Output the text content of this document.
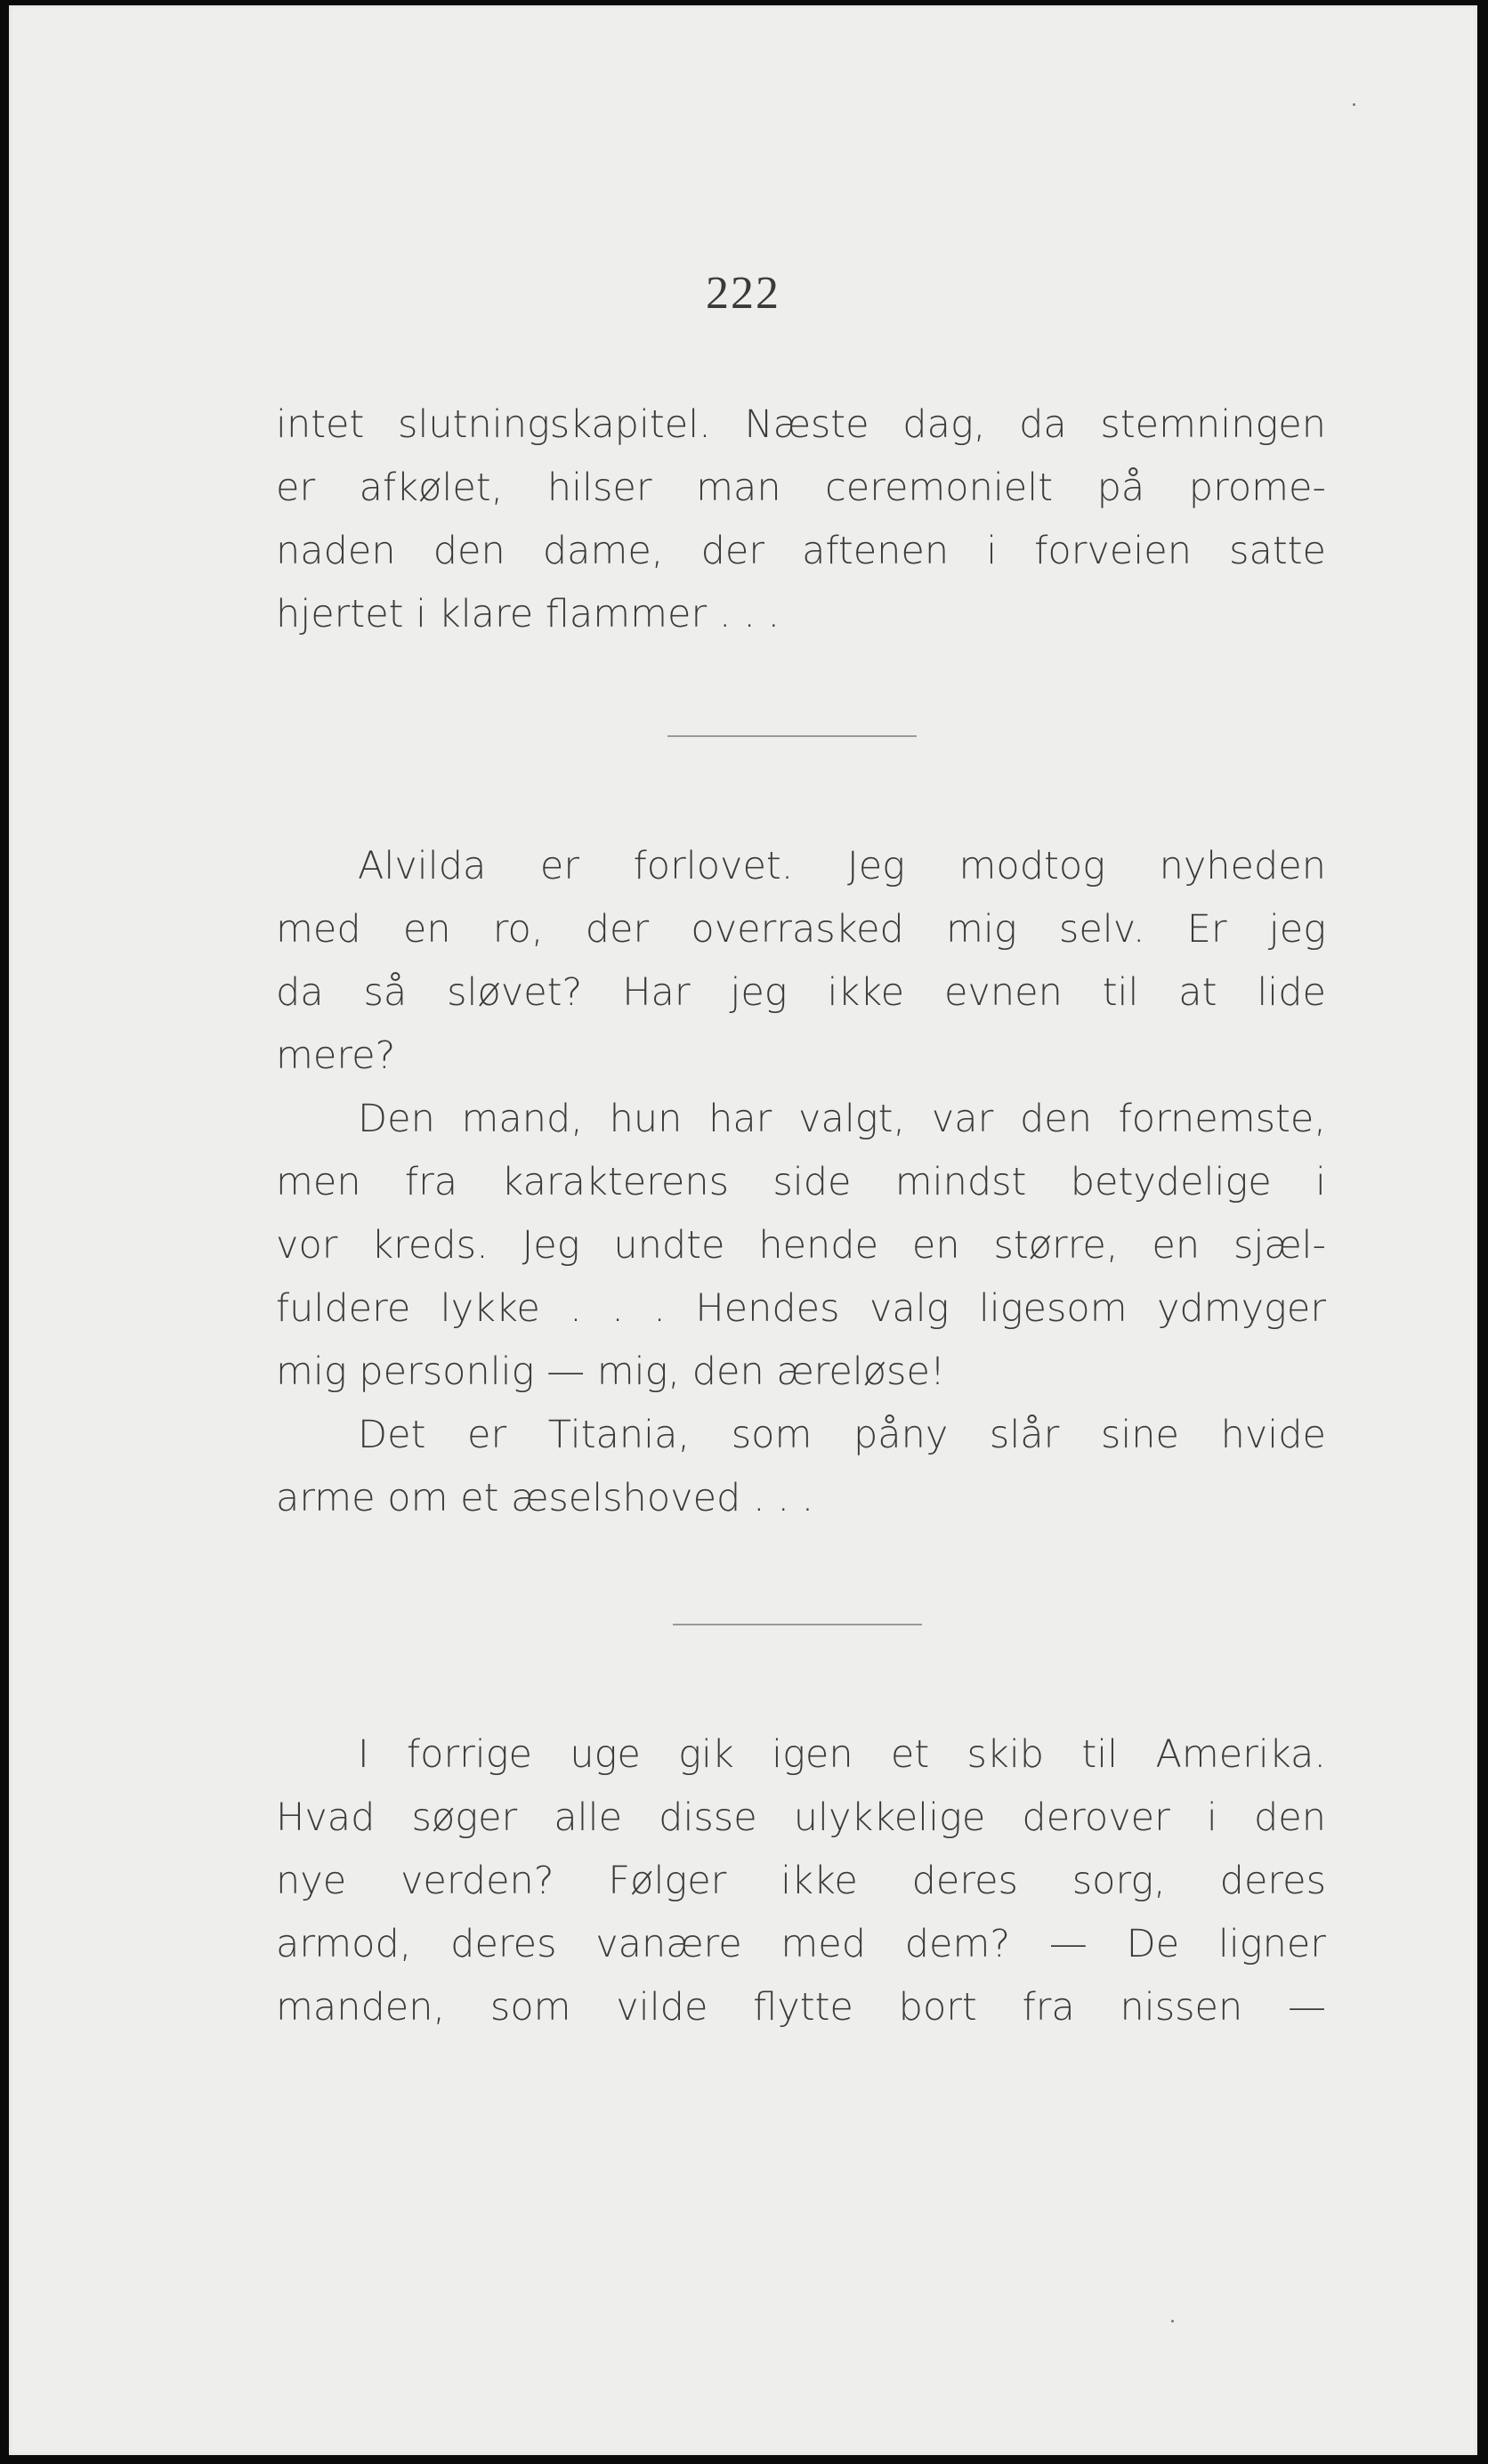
222
intet slutningskapitel. Næste dag, da stemningen
er afkølet, hilser man ceremonielt på prome-
naden den dame, der aftenen i forveien satte
hjertet i klare flammer . . .
Alvilda er forlovet. Jeg modtog nyheden
med en ro, der overrasked mig selv. Er jeg
da så sløvet? Har jeg ikke evnen til at lide
mere?
Den mand, hun har valgt, var den fornemste,
men fra karakterens side mindst betydelige i
vor kreds. Jeg undte hende en større, en sjæl-
fuldere lykke . . . Hendes valg ligesom ydmyger
mig personlig — mig, den æreløse!
Det er Titania, som påny slår sine hvide
arme om et æselshoved . . .
I forrige uge gik igen et skib til Amerika.
Hvad søger alle disse ulykkelige derover i den
nye verden? Følger ikke deres sorg, deres
armod, deres vanære med dem? — De ligner
manden, som vilde flytte bort fra nissen —
